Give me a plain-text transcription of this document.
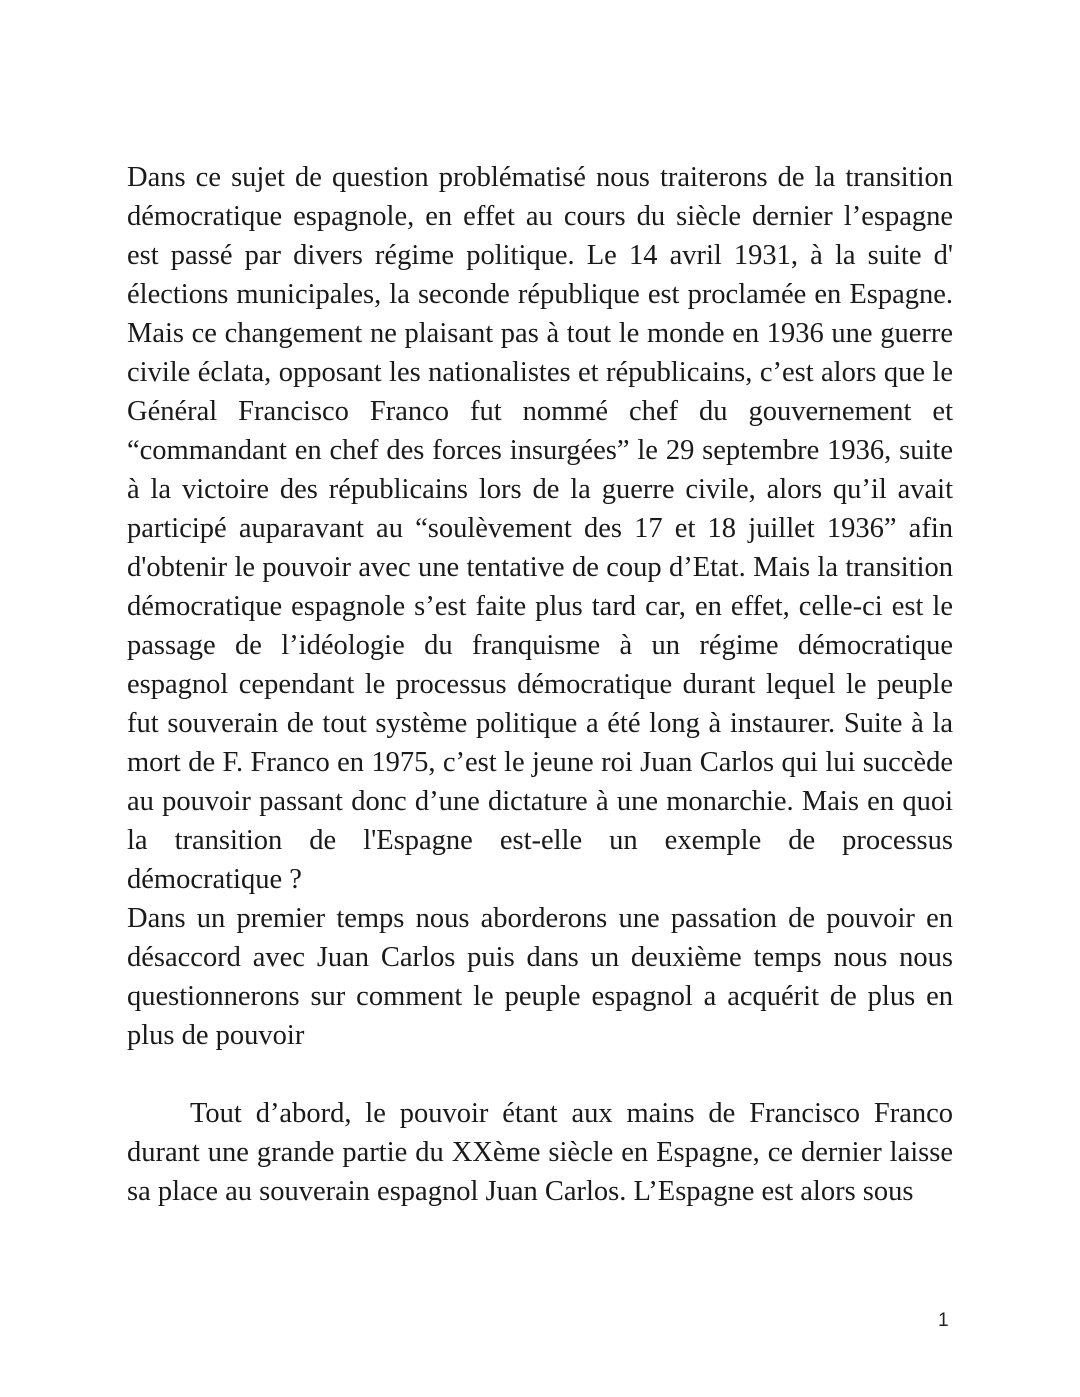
Dans ce sujet de question problématisé nous traiterons de la transition démocratique espagnole, en effet au cours du siècle dernier l’espagne est passé par divers régime politique. Le 14 avril 1931, à la suite d' élections municipales, la seconde république est proclamée en Espagne. Mais ce changement ne plaisant pas à tout le monde en 1936 une guerre civile éclata, opposant les nationalistes et républicains, c’est alors que le Général Francisco Franco fut nommé chef du gouvernement et “commandant en chef des forces insurgées” le 29 septembre 1936, suite à la victoire des républicains lors de la guerre civile, alors qu’il avait participé auparavant au “soulèvement des 17 et 18 juillet 1936” afin d'obtenir le pouvoir avec une tentative de coup d’Etat. Mais la transition démocratique espagnole s’est faite plus tard car, en effet, celle-ci est le passage de l’idéologie du franquisme à un régime démocratique espagnol cependant le processus démocratique durant lequel le peuple fut souverain de tout système politique a été long à instaurer. Suite à la mort de F. Franco en 1975, c’est le jeune roi Juan Carlos qui lui succède au pouvoir passant donc d’une dictature à une monarchie. Mais en quoi la transition de l'Espagne est-elle un exemple de processus démocratique ?

Dans un premier temps nous aborderons une passation de pouvoir en désaccord avec Juan Carlos puis dans un deuxième temps nous nous questionnerons sur comment le peuple espagnol a acquérit de plus en plus de pouvoir

Tout d’abord, le pouvoir étant aux mains de Francisco Franco durant une grande partie du XXème siècle en Espagne, ce dernier laisse sa place au souverain espagnol Juan Carlos. L’Espagne est alors sous

1
